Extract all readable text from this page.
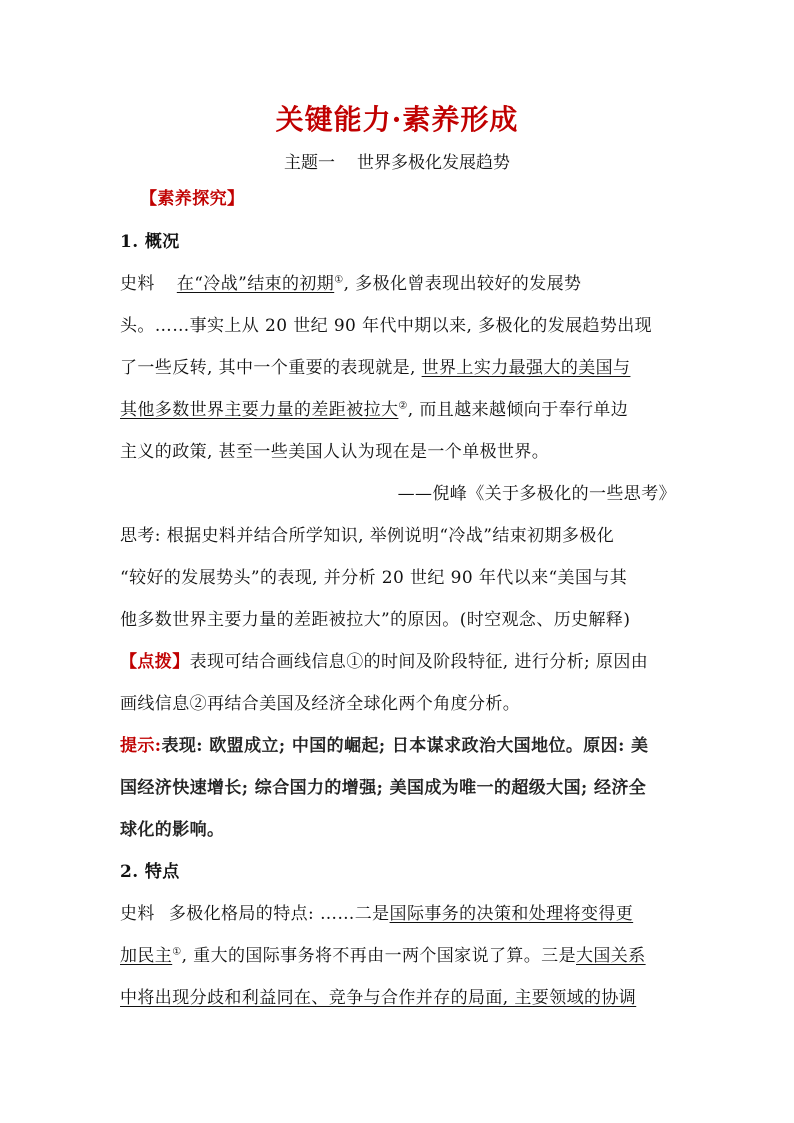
关键能力·素养形成
主题一 世界多极化发展趋势
【素养探究】
1. 概况
史料 在“冷战”结束的初期①, 多极化曾表现出较好的发展势
头。……事实上从 20 世纪 90 年代中期以来, 多极化的发展趋势出现
了一些反转, 其中一个重要的表现就是, 世界上实力最强大的美国与
其他多数世界主要力量的差距被拉大②, 而且越来越倾向于奉行单边
主义的政策, 甚至一些美国人认为现在是一个单极世界。
——倪峰《关于多极化的一些思考》
思考: 根据史料并结合所学知识, 举例说明“冷战”结束初期多极化
“较好的发展势头”的表现, 并分析 20 世纪 90 年代以来“美国与其
他多数世界主要力量的差距被拉大”的原因。(时空观念、历史解释)
【点拨】表现可结合画线信息①的时间及阶段特征, 进行分析; 原因由
画线信息②再结合美国及经济全球化两个角度分析。
提示:表现: 欧盟成立; 中国的崛起; 日本谋求政治大国地位。原因: 美
国经济快速增长; 综合国力的增强; 美国成为唯一的超级大国; 经济全
球化的影响。
2. 特点
史料 多极化格局的特点: ……二是国际事务的决策和处理将变得更
加民主①, 重大的国际事务将不再由一两个国家说了算。三是大国关系
中将出现分歧和利益同在、竞争与合作并存的局面, 主要领域的协调
